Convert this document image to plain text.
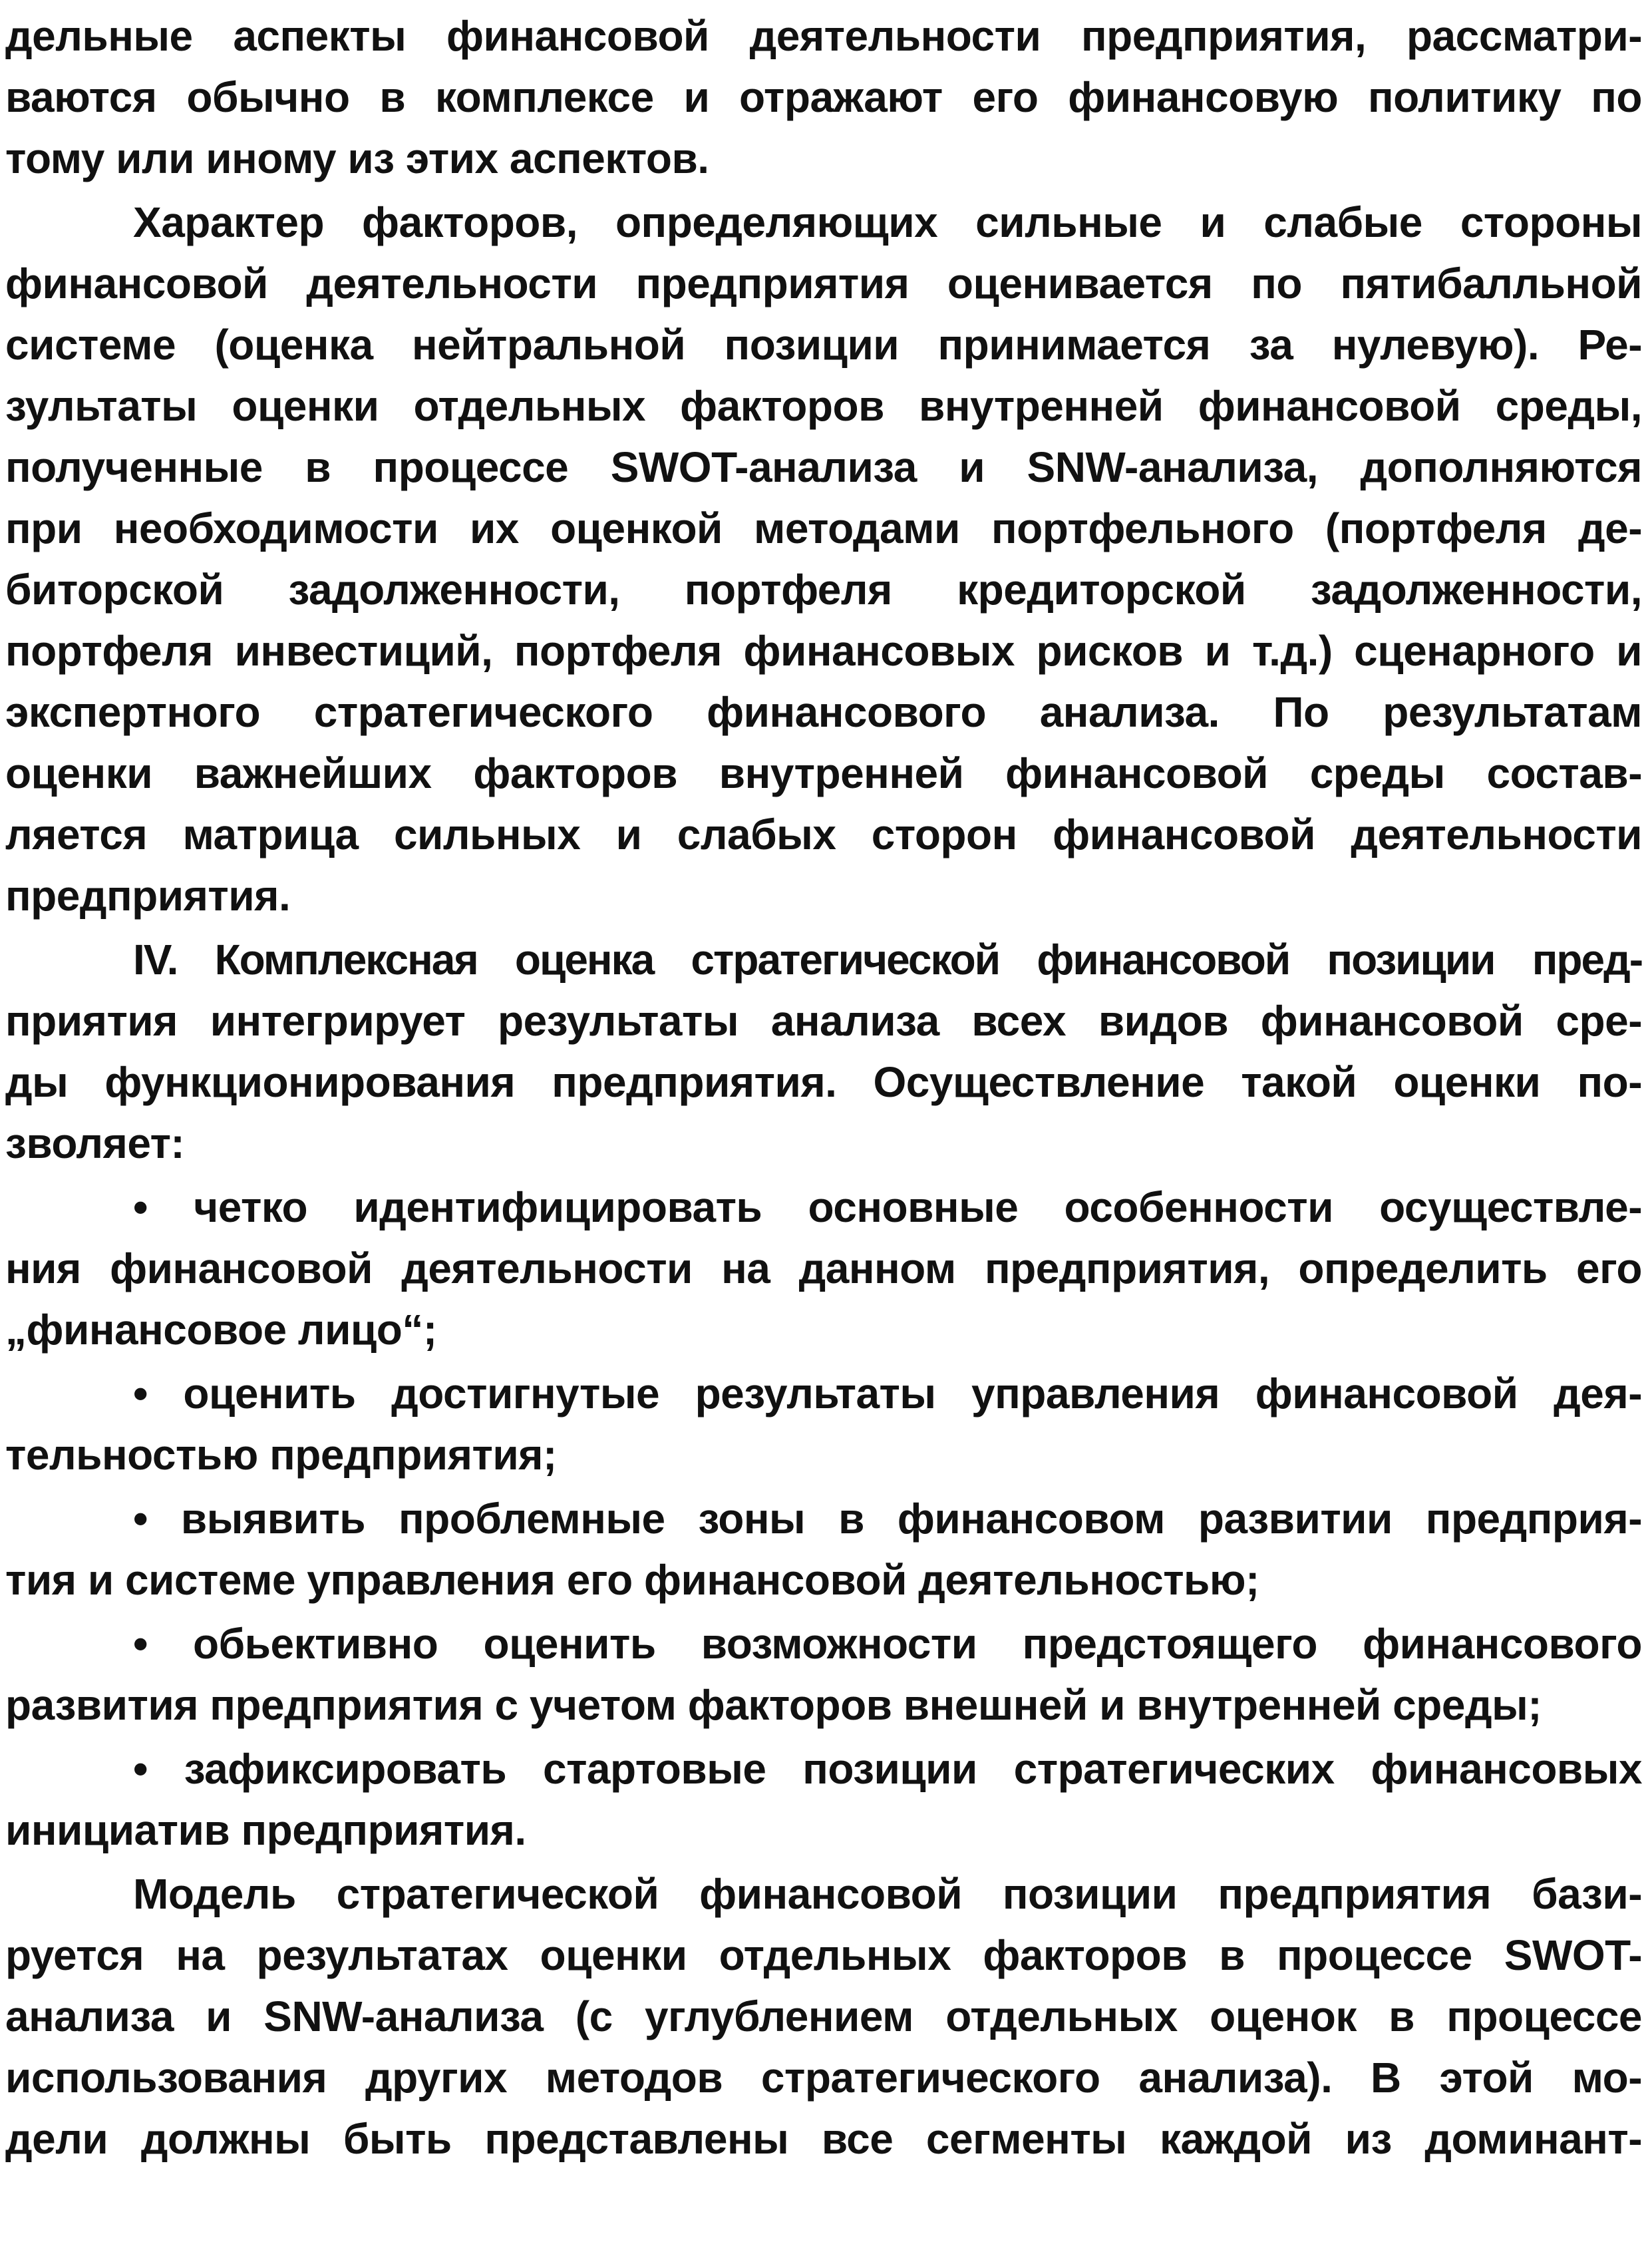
дельные аспекты финансовой деятельности предприятия, рассматри-
ваются обычно в комплексе и отражают его финансовую политику по
тому или иному из этих аспектов.
Характер факторов, определяющих сильные и слабые стороны
финансовой деятельности предприятия оценивается по пятибалльной
системе (оценка нейтральной позиции принимается за нулевую). Ре-
зультаты оценки отдельных факторов внутренней финансовой среды,
полученные в процессе SWOT-анализа и SNW-анализа, дополняются
при необходимости их оценкой методами портфельного (портфеля де-
биторской задолженности, портфеля кредиторской задолженности,
портфеля инвестиций, портфеля финансовых рисков и т.д.) сценарного и
экспертного стратегического финансового анализа. По результатам
оценки важнейших факторов внутренней финансовой среды состав-
ляется матрица сильных и слабых сторон финансовой деятельности
предприятия.
IV. Комплексная оценка стратегической финансовой позиции пред-
приятия интегрирует результаты анализа всех видов финансовой сре-
ды функционирования предприятия. Осуществление такой оценки по-
зволяет:
• четко идентифицировать основные особенности осуществле-
ния финансовой деятельности на данном предприятия, определить его
„финансовое лицо“;
• оценить достигнутые результаты управления финансовой дея-
тельностью предприятия;
• выявить проблемные зоны в финансовом развитии предприя-
тия и системе управления его финансовой деятельностью;
• обьективно оценить возможности предстоящего финансового
развития предприятия с учетом факторов внешней и внутренней среды;
• зафиксировать стартовые позиции стратегических финансовых
инициатив предприятия.
Модель стратегической финансовой позиции предприятия бази-
руется на результатах оценки отдельных факторов в процессе SWOT-
анализа и SNW-анализа (с углублением отдельных оценок в процессе
использования других методов стратегического анализа). В этой мо-
дели должны быть представлены все сегменты каждой из доминант-
